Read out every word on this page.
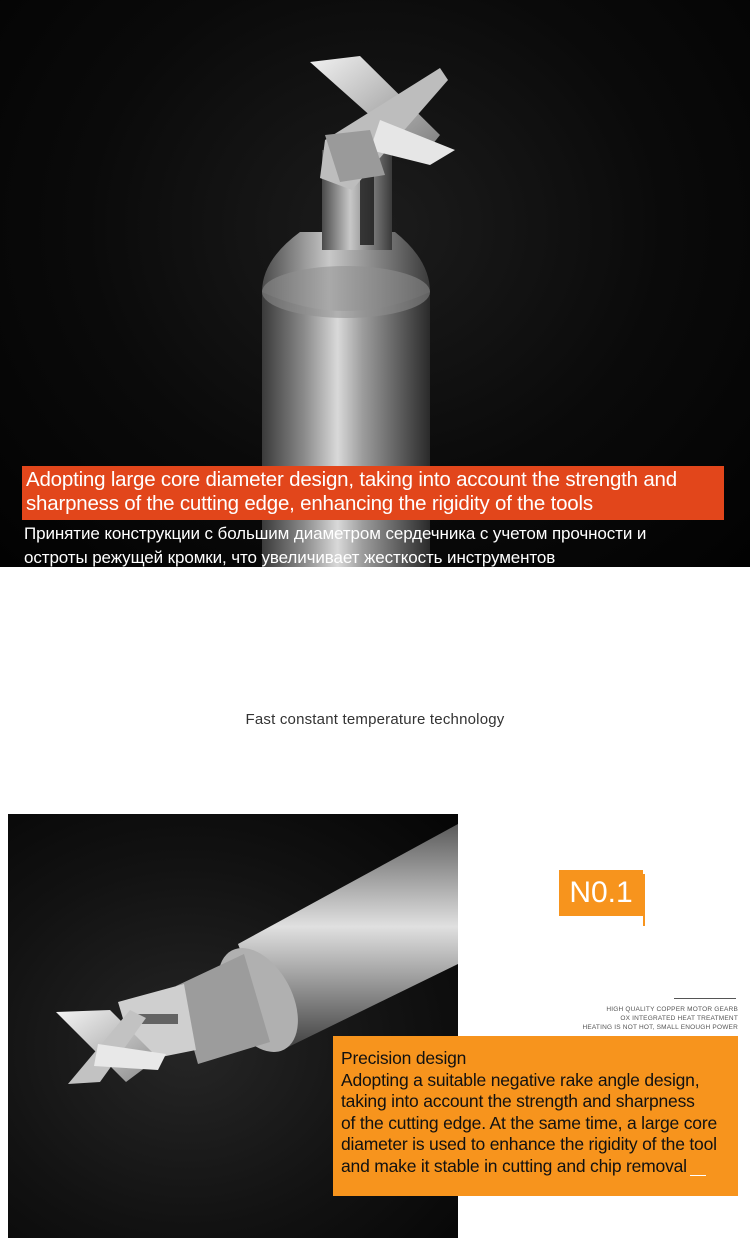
Adopting large core diameter design, taking into account the strength and
sharpness of the cutting edge, enhancing the rigidity of the tools
Принятие конструкции с большим диаметром сердечника с учетом прочности и
остроты режущей кромки, что увеличивает жесткость инструментов
Fast constant temperature technology
N0.1
HIGH QUALITY COPPER MOTOR GEARB
OX INTEGRATED HEAT TREATMENT
HEATING IS NOT HOT, SMALL ENOUGH POWER
Precision design
Adopting a suitable negative rake angle design,
taking into account the strength and sharpness
of the cutting edge. At the same time, a large core
diameter is used to enhance the rigidity of the tool
and make it stable in cutting and chip removal
